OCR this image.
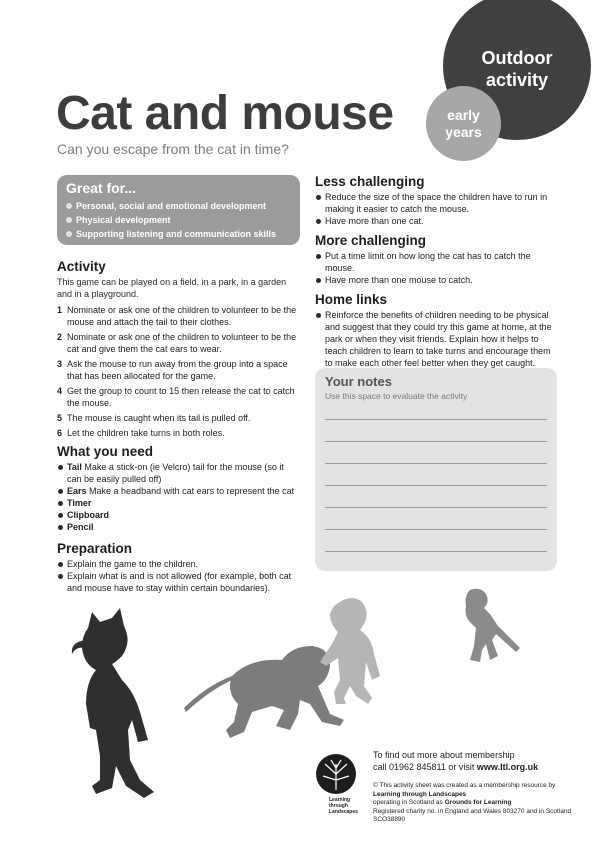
Outdoor activity
early years
Cat and mouse
Can you escape from the cat in time?
Great for...
Personal, social and emotional development
Physical development
Supporting listening and communication skills
Activity

This game can be played on a field, in a park, in a garden and in a playground.

1 Nominate or ask one of the children to volunteer to be the mouse and attach the tail to their clothes.
2 Nominate or ask one of the children to volunteer to be the cat and give them the cat ears to wear.
3 Ask the mouse to run away from the group into a space that has been allocated for the game.
4 Get the group to count to 15 then release the cat to catch the mouse.
5 The mouse is caught when its tail is pulled off.
6 Let the children take turns in both roles.
What you need
Tail Make a stick-on (ie Velcro) tail for the mouse (so it can be easily pulled off)
Ears Make a headband with cat ears to represent the cat
Timer
Clipboard
Pencil
Preparation
Explain the game to the children.
Explain what is and is not allowed (for example, both cat and mouse have to stay within certain boundaries).
Less challenging
Reduce the size of the space the children have to run in making it easier to catch the mouse.
Have more than one cat.
More challenging
Put a time limit on how long the cat has to catch the mouse.
Have more than one mouse to catch.
Home links
Reinforce the benefits of children needing to be physical and suggest that they could try this game at home, at the park or when they visit friends. Explain how it helps to teach children to learn to take turns and encourage them to make each other feel better when they get caught.
Your notes
Use this space to evaluate the activity
Learning
through
Landscapes
To find out more about membership
call 01962 845811 or visit www.ltl.org.uk
© This activity sheet was created as a membership resource by Learning through Landscapes
operating in Scotland as Grounds for Learning
Registered charity no. in England and Wales 803270 and in Scotland SCO38890
